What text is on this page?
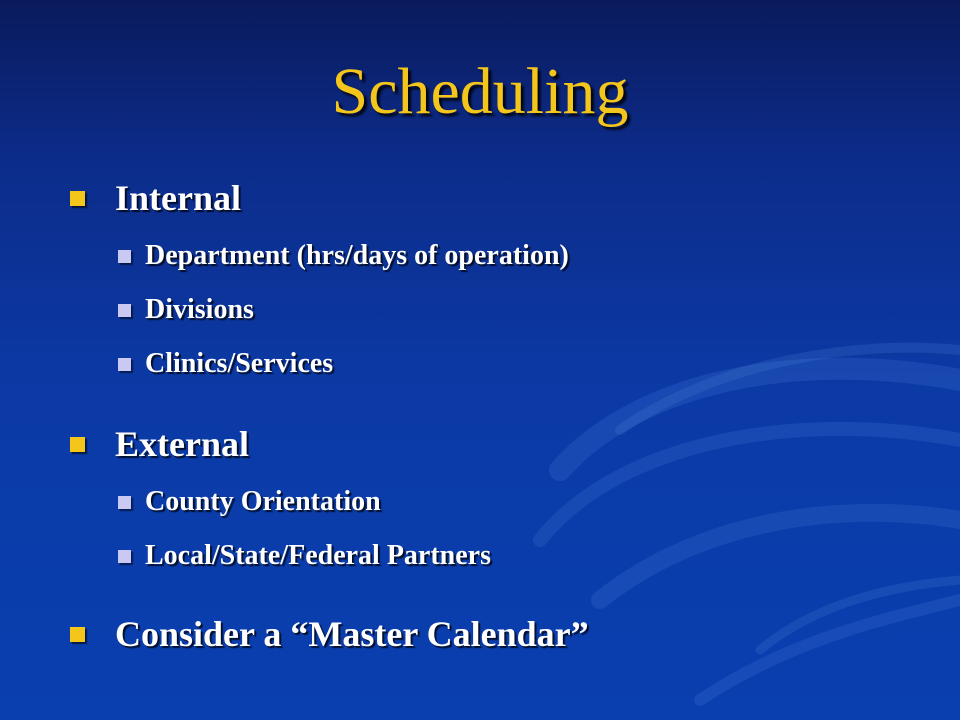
Scheduling
Internal
Department (hrs/days of operation)
Divisions
Clinics/Services
External
County Orientation
Local/State/Federal Partners
Consider a “Master Calendar”
